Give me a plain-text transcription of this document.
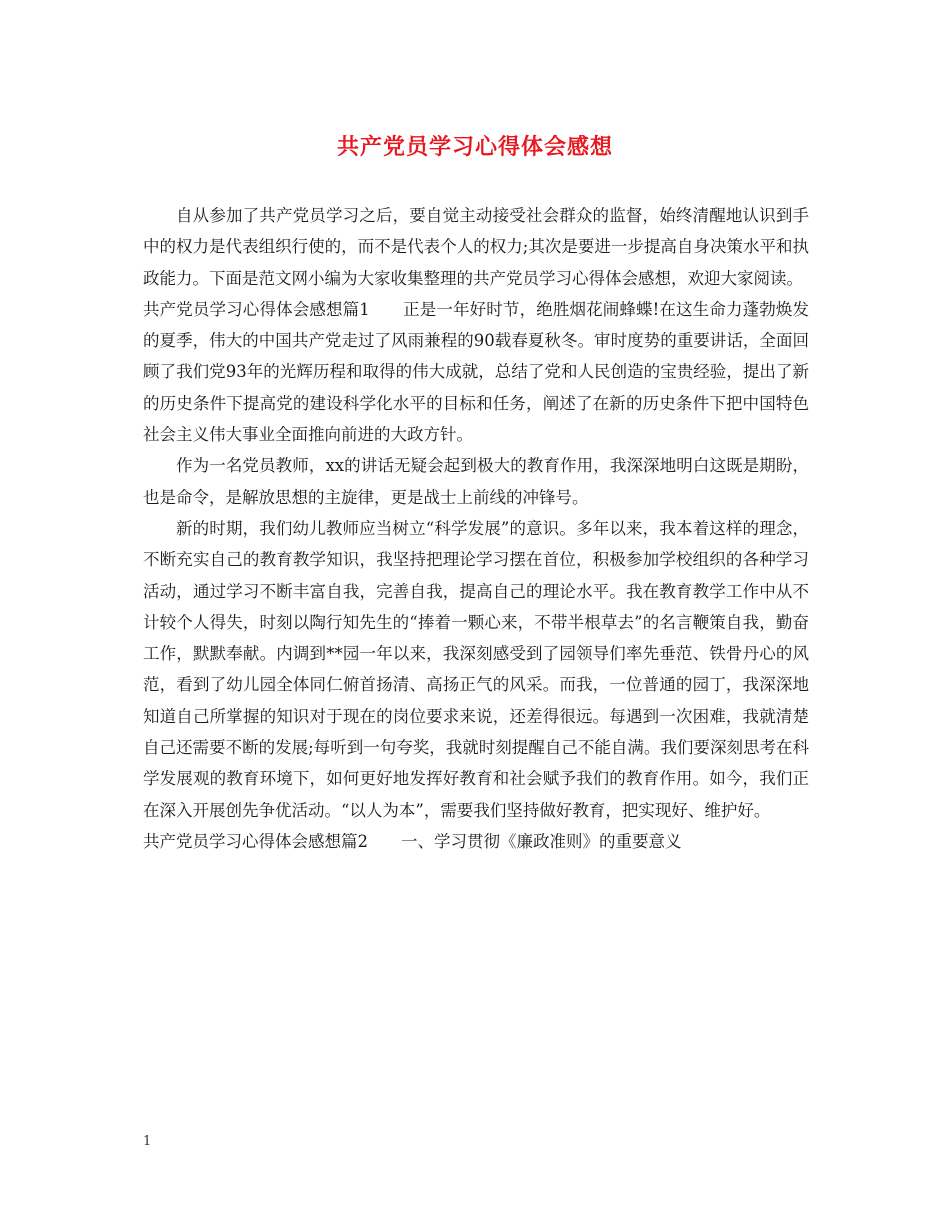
共产党员学习心得体会感想

自从参加了共产党员学习之后，要自觉主动接受社会群众的监督，始终清醒地认识到手中的权力是代表组织行使的，而不是代表个人的权力;其次是要进一步提高自身决策水平和执政能力。下面是范文网小编为大家收集整理的共产党员学习心得体会感想，欢迎大家阅读。

共产党员学习心得体会感想篇1　　正是一年好时节，绝胜烟花闹蜂蝶!在这生命力蓬勃焕发的夏季，伟大的中国共产党走过了风雨兼程的90载春夏秋冬。审时度势的重要讲话，全面回顾了我们党93年的光辉历程和取得的伟大成就，总结了党和人民创造的宝贵经验，提出了新的历史条件下提高党的建设科学化水平的目标和任务，阐述了在新的历史条件下把中国特色社会主义伟大事业全面推向前进的大政方针。

作为一名党员教师，xx的讲话无疑会起到极大的教育作用，我深深地明白这既是期盼，也是命令，是解放思想的主旋律，更是战士上前线的冲锋号。

新的时期，我们幼儿教师应当树立“科学发展”的意识。多年以来，我本着这样的理念，不断充实自己的教育教学知识，我坚持把理论学习摆在首位，积极参加学校组织的各种学习活动，通过学习不断丰富自我，完善自我，提高自己的理论水平。我在教育教学工作中从不计较个人得失，时刻以陶行知先生的“捧着一颗心来，不带半根草去”的名言鞭策自我，勤奋工作，默默奉献。内调到**园一年以来，我深刻感受到了园领导们率先垂范、铁骨丹心的风范，看到了幼儿园全体同仁俯首扬清、高扬正气的风采。而我，一位普通的园丁，我深深地知道自己所掌握的知识对于现在的岗位要求来说，还差得很远。每遇到一次困难，我就清楚自己还需要不断的发展;每听到一句夸奖，我就时刻提醒自己不能自满。我们要深刻思考在科学发展观的教育环境下，如何更好地发挥好教育和社会赋予我们的教育作用。如今，我们正在深入开展创先争优活动。“以人为本”，需要我们坚持做好教育，把实现好、维护好。

共产党员学习心得体会感想篇2　　一、学习贯彻《廉政准则》的重要意义

1
